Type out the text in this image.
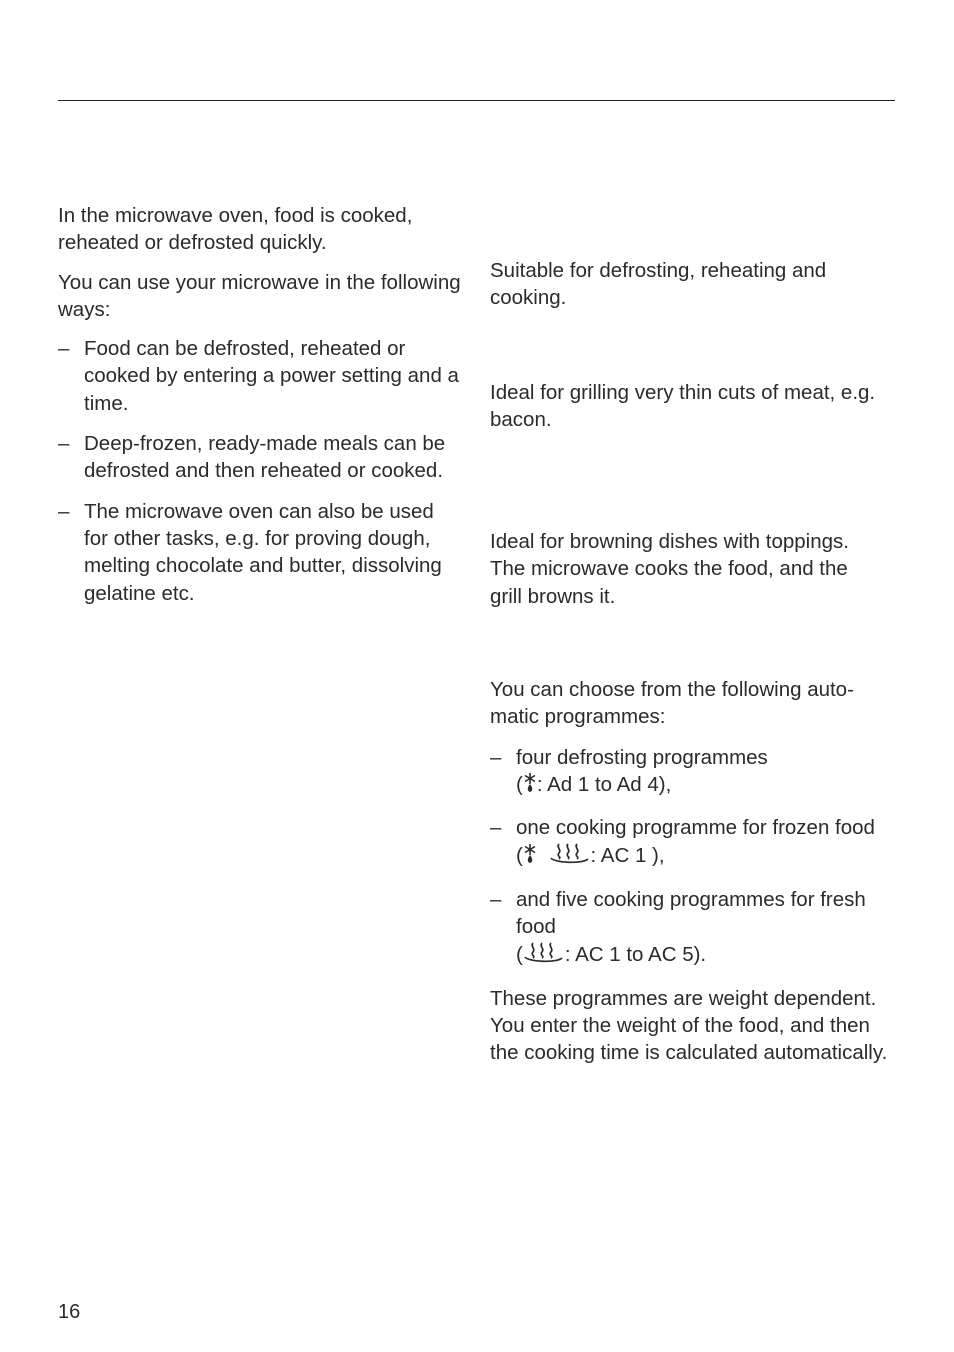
In the microwave oven, food is cooked, reheated or defrosted quickly.

You can use your microwave in the following ways:

– Food can be defrosted, reheated or cooked by entering a power setting and a time.
– Deep-frozen, ready-made meals can be defrosted and then reheated or cooked.
– The microwave oven can also be used for other tasks, e.g. for proving dough, melting chocolate and butter, dissolving gelatine etc.

Suitable for defrosting, reheating and cooking.

Ideal for grilling very thin cuts of meat, e.g. bacon.

Ideal for browning dishes with toppings. The microwave cooks the food, and the grill browns it.

You can choose from the following auto-matic programmes:

– four defrosting programmes
( : Ad 1 to Ad 4),
– one cooking programme for frozen food
(	: AC 1 ),
– and five cooking programmes for fresh food
( : AC 1 to AC 5).

These programmes are weight dependent. You enter the weight of the food, and then the cooking time is calculated automatically.

16
